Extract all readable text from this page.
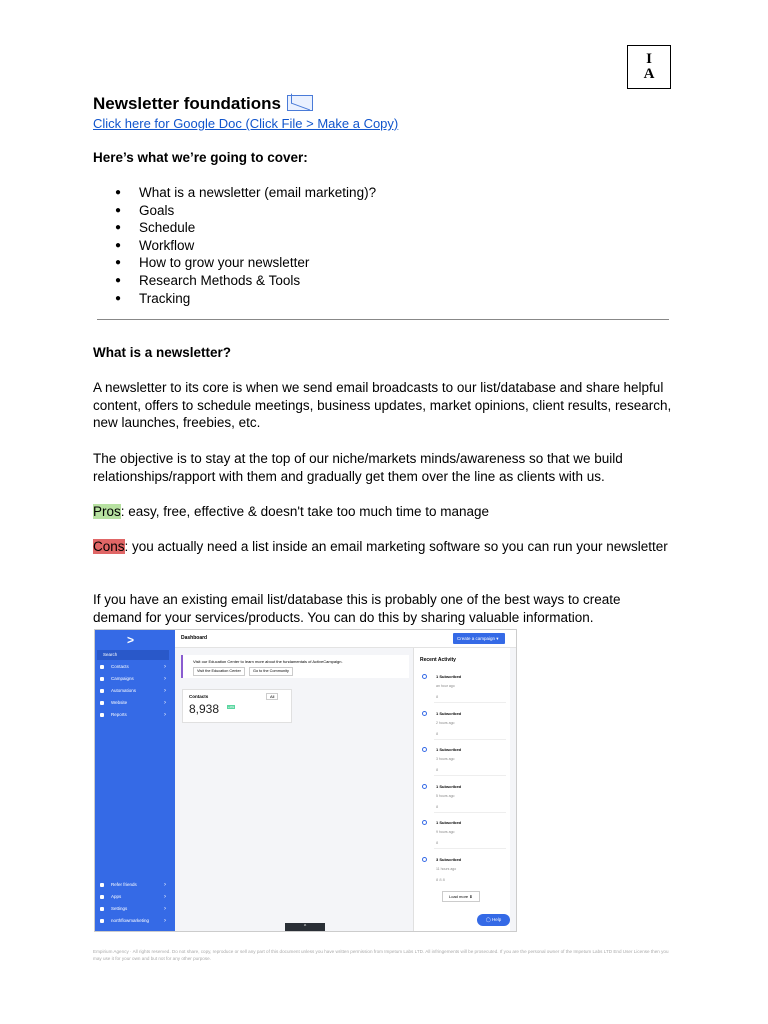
I
A
Newsletter foundations
Click here for Google Doc (Click File > Make a Copy)
Here’s what we’re going to cover:
● What is a newsletter (email marketing)?
● Goals
● Schedule
● Workflow
● How to grow your newsletter
● Research Methods & Tools
● Tracking
What is a newsletter?

A newsletter to its core is when we send email broadcasts to our list/database and share helpful content, offers to schedule meetings, business updates, market opinions, client results, research, new launches, freebies, etc.

The objective is to stay at the top of our niche/markets minds/awareness so that we build relationships/rapport with them and gradually get them over the line as clients with us.

Pros: easy, free, effective & doesn't take too much time to manage

Cons: you actually need a list inside an email marketing software so you can run your newsletter

If you have an existing email list/database this is probably one of the best ways to create demand for your services/products. You can do this by sharing valuable information.

>
Search
Contacts	›
Campaigns	›
Automations	›
Website	›
Reports	›
Refer friends	›
Apps	›
Settings	›
northflowmarketing ›
Dashboard	Create a campaign ▾
Visit our Education Center to learn more about the fundamentals of ActiveCampaign.
Visit the Education Center	Go to the Community
Contacts	All
8,938	+0%
Recent Activity
1 Subscribed
an hour ago
8
1 Subscribed
2 hours ago
8
1 Subscribed
3 hours ago
8
1 Subscribed
5 hours ago
8
1 Subscribed
9 hours ago
8
3 Subscribed
11 hours ago
8 8 8
Load more ⬇
◯ Help
^

Empirium Agency · All rights reserved. Do not share, copy, reproduce or sell any part of this document unless you have written permission from Impetum Labs LTD. All infringements will be prosecuted. If you are the personal owner of the Impetum Labs LTD End User License then you may use it for your own and but not for any other purpose.
